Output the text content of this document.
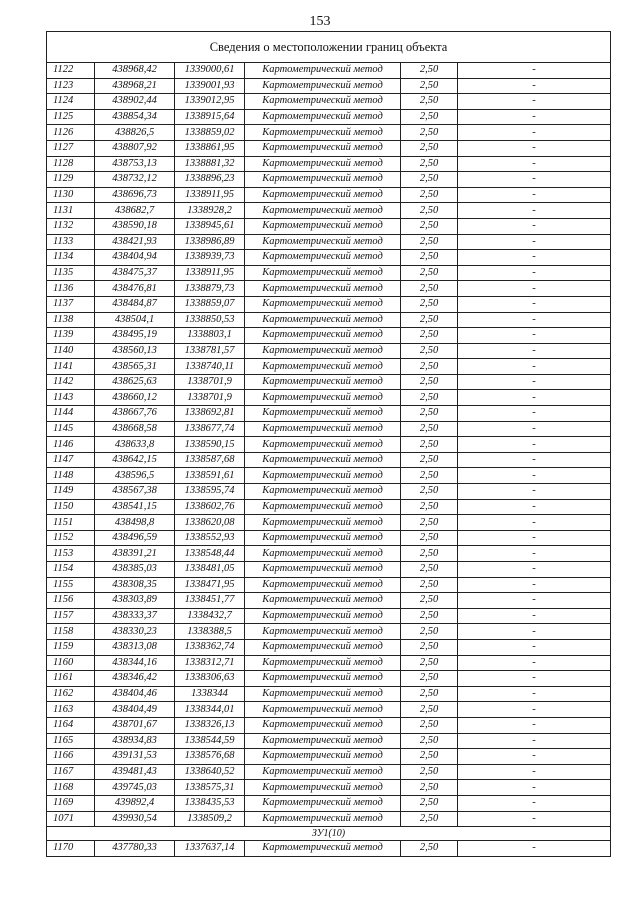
153
Сведения о местоположении границ объекта					
1122	438968,42	1339000,61	Картометрический метод	2,50	-
1123	438968,21	1339001,93	Картометрический метод	2,50	-
1124	438902,44	1339012,95	Картометрический метод	2,50	-
1125	438854,34	1338915,64	Картометрический метод	2,50	-
1126	438826,5	1338859,02	Картометрический метод	2,50	-
1127	438807,92	1338861,95	Картометрический метод	2,50	-
1128	438753,13	1338881,32	Картометрический метод	2,50	-
1129	438732,12	1338896,23	Картометрический метод	2,50	-
1130	438696,73	1338911,95	Картометрический метод	2,50	-
1131	438682,7	1338928,2	Картометрический метод	2,50	-
1132	438590,18	1338945,61	Картометрический метод	2,50	-
1133	438421,93	1338986,89	Картометрический метод	2,50	-
1134	438404,94	1338939,73	Картометрический метод	2,50	-
1135	438475,37	1338911,95	Картометрический метод	2,50	-
1136	438476,81	1338879,73	Картометрический метод	2,50	-
1137	438484,87	1338859,07	Картометрический метод	2,50	-
1138	438504,1	1338850,53	Картометрический метод	2,50	-
1139	438495,19	1338803,1	Картометрический метод	2,50	-
1140	438560,13	1338781,57	Картометрический метод	2,50	-
1141	438565,31	1338740,11	Картометрический метод	2,50	-
1142	438625,63	1338701,9	Картометрический метод	2,50	-
1143	438660,12	1338701,9	Картометрический метод	2,50	-
1144	438667,76	1338692,81	Картометрический метод	2,50	-
1145	438668,58	1338677,74	Картометрический метод	2,50	-
1146	438633,8	1338590,15	Картометрический метод	2,50	-
1147	438642,15	1338587,68	Картометрический метод	2,50	-
1148	438596,5	1338591,61	Картометрический метод	2,50	-
1149	438567,38	1338595,74	Картометрический метод	2,50	-
1150	438541,15	1338602,76	Картометрический метод	2,50	-
1151	438498,8	1338620,08	Картометрический метод	2,50	-
1152	438496,59	1338552,93	Картометрический метод	2,50	-
1153	438391,21	1338548,44	Картометрический метод	2,50	-
1154	438385,03	1338481,05	Картометрический метод	2,50	-
1155	438308,35	1338471,95	Картометрический метод	2,50	-
1156	438303,89	1338451,77	Картометрический метод	2,50	-
1157	438333,37	1338432,7	Картометрический метод	2,50	-
1158	438330,23	1338388,5	Картометрический метод	2,50	-
1159	438313,08	1338362,74	Картометрический метод	2,50	-
1160	438344,16	1338312,71	Картометрический метод	2,50	-
1161	438346,42	1338306,63	Картометрический метод	2,50	-
1162	438404,46	1338344	Картометрический метод	2,50	-
1163	438404,49	1338344,01	Картометрический метод	2,50	-
1164	438701,67	1338326,13	Картометрический метод	2,50	-
1165	438934,83	1338544,59	Картометрический метод	2,50	-
1166	439131,53	1338576,68	Картометрический метод	2,50	-
1167	439481,43	1338640,52	Картометрический метод	2,50	-
1168	439745,03	1338575,31	Картометрический метод	2,50	-
1169	439892,4	1338435,53	Картометрический метод	2,50	-
1071	439930,54	1338509,2	Картометрический метод	2,50	-
ЗУ1(10)					
1170	437780,33	1337637,14	Картометрический метод	2,50	-
